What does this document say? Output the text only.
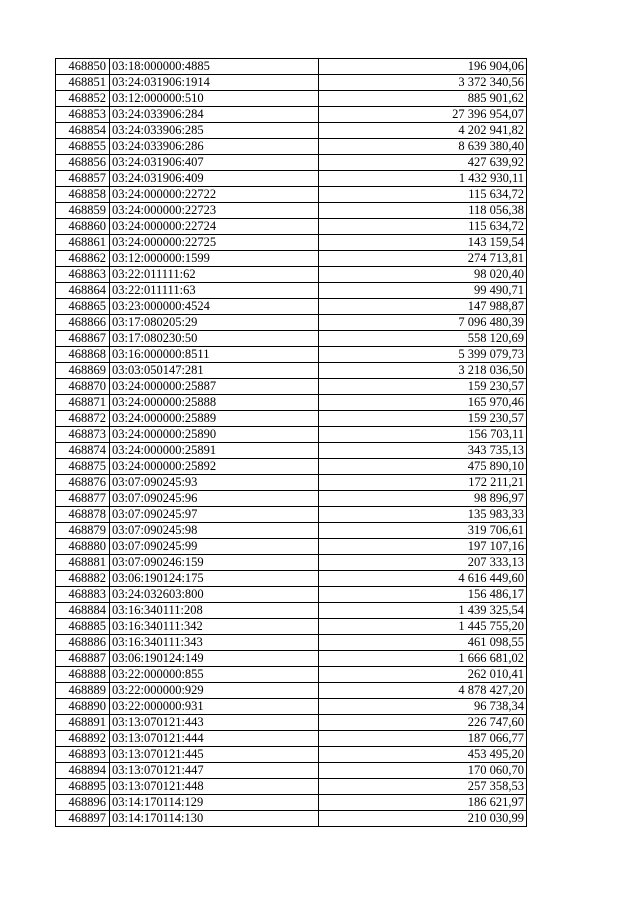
468850	03:18:000000:4885	196 904,06
468851	03:24:031906:1914	3 372 340,56
468852	03:12:000000:510	885 901,62
468853	03:24:033906:284	27 396 954,07
468854	03:24:033906:285	4 202 941,82
468855	03:24:033906:286	8 639 380,40
468856	03:24:031906:407	427 639,92
468857	03:24:031906:409	1 432 930,11
468858	03:24:000000:22722	115 634,72
468859	03:24:000000:22723	118 056,38
468860	03:24:000000:22724	115 634,72
468861	03:24:000000:22725	143 159,54
468862	03:12:000000:1599	274 713,81
468863	03:22:011111:62	98 020,40
468864	03:22:011111:63	99 490,71
468865	03:23:000000:4524	147 988,87
468866	03:17:080205:29	7 096 480,39
468867	03:17:080230:50	558 120,69
468868	03:16:000000:8511	5 399 079,73
468869	03:03:050147:281	3 218 036,50
468870	03:24:000000:25887	159 230,57
468871	03:24:000000:25888	165 970,46
468872	03:24:000000:25889	159 230,57
468873	03:24:000000:25890	156 703,11
468874	03:24:000000:25891	343 735,13
468875	03:24:000000:25892	475 890,10
468876	03:07:090245:93	172 211,21
468877	03:07:090245:96	98 896,97
468878	03:07:090245:97	135 983,33
468879	03:07:090245:98	319 706,61
468880	03:07:090245:99	197 107,16
468881	03:07:090246:159	207 333,13
468882	03:06:190124:175	4 616 449,60
468883	03:24:032603:800	156 486,17
468884	03:16:340111:208	1 439 325,54
468885	03:16:340111:342	1 445 755,20
468886	03:16:340111:343	461 098,55
468887	03:06:190124:149	1 666 681,02
468888	03:22:000000:855	262 010,41
468889	03:22:000000:929	4 878 427,20
468890	03:22:000000:931	96 738,34
468891	03:13:070121:443	226 747,60
468892	03:13:070121:444	187 066,77
468893	03:13:070121:445	453 495,20
468894	03:13:070121:447	170 060,70
468895	03:13:070121:448	257 358,53
468896	03:14:170114:129	186 621,97
468897	03:14:170114:130	210 030,99
